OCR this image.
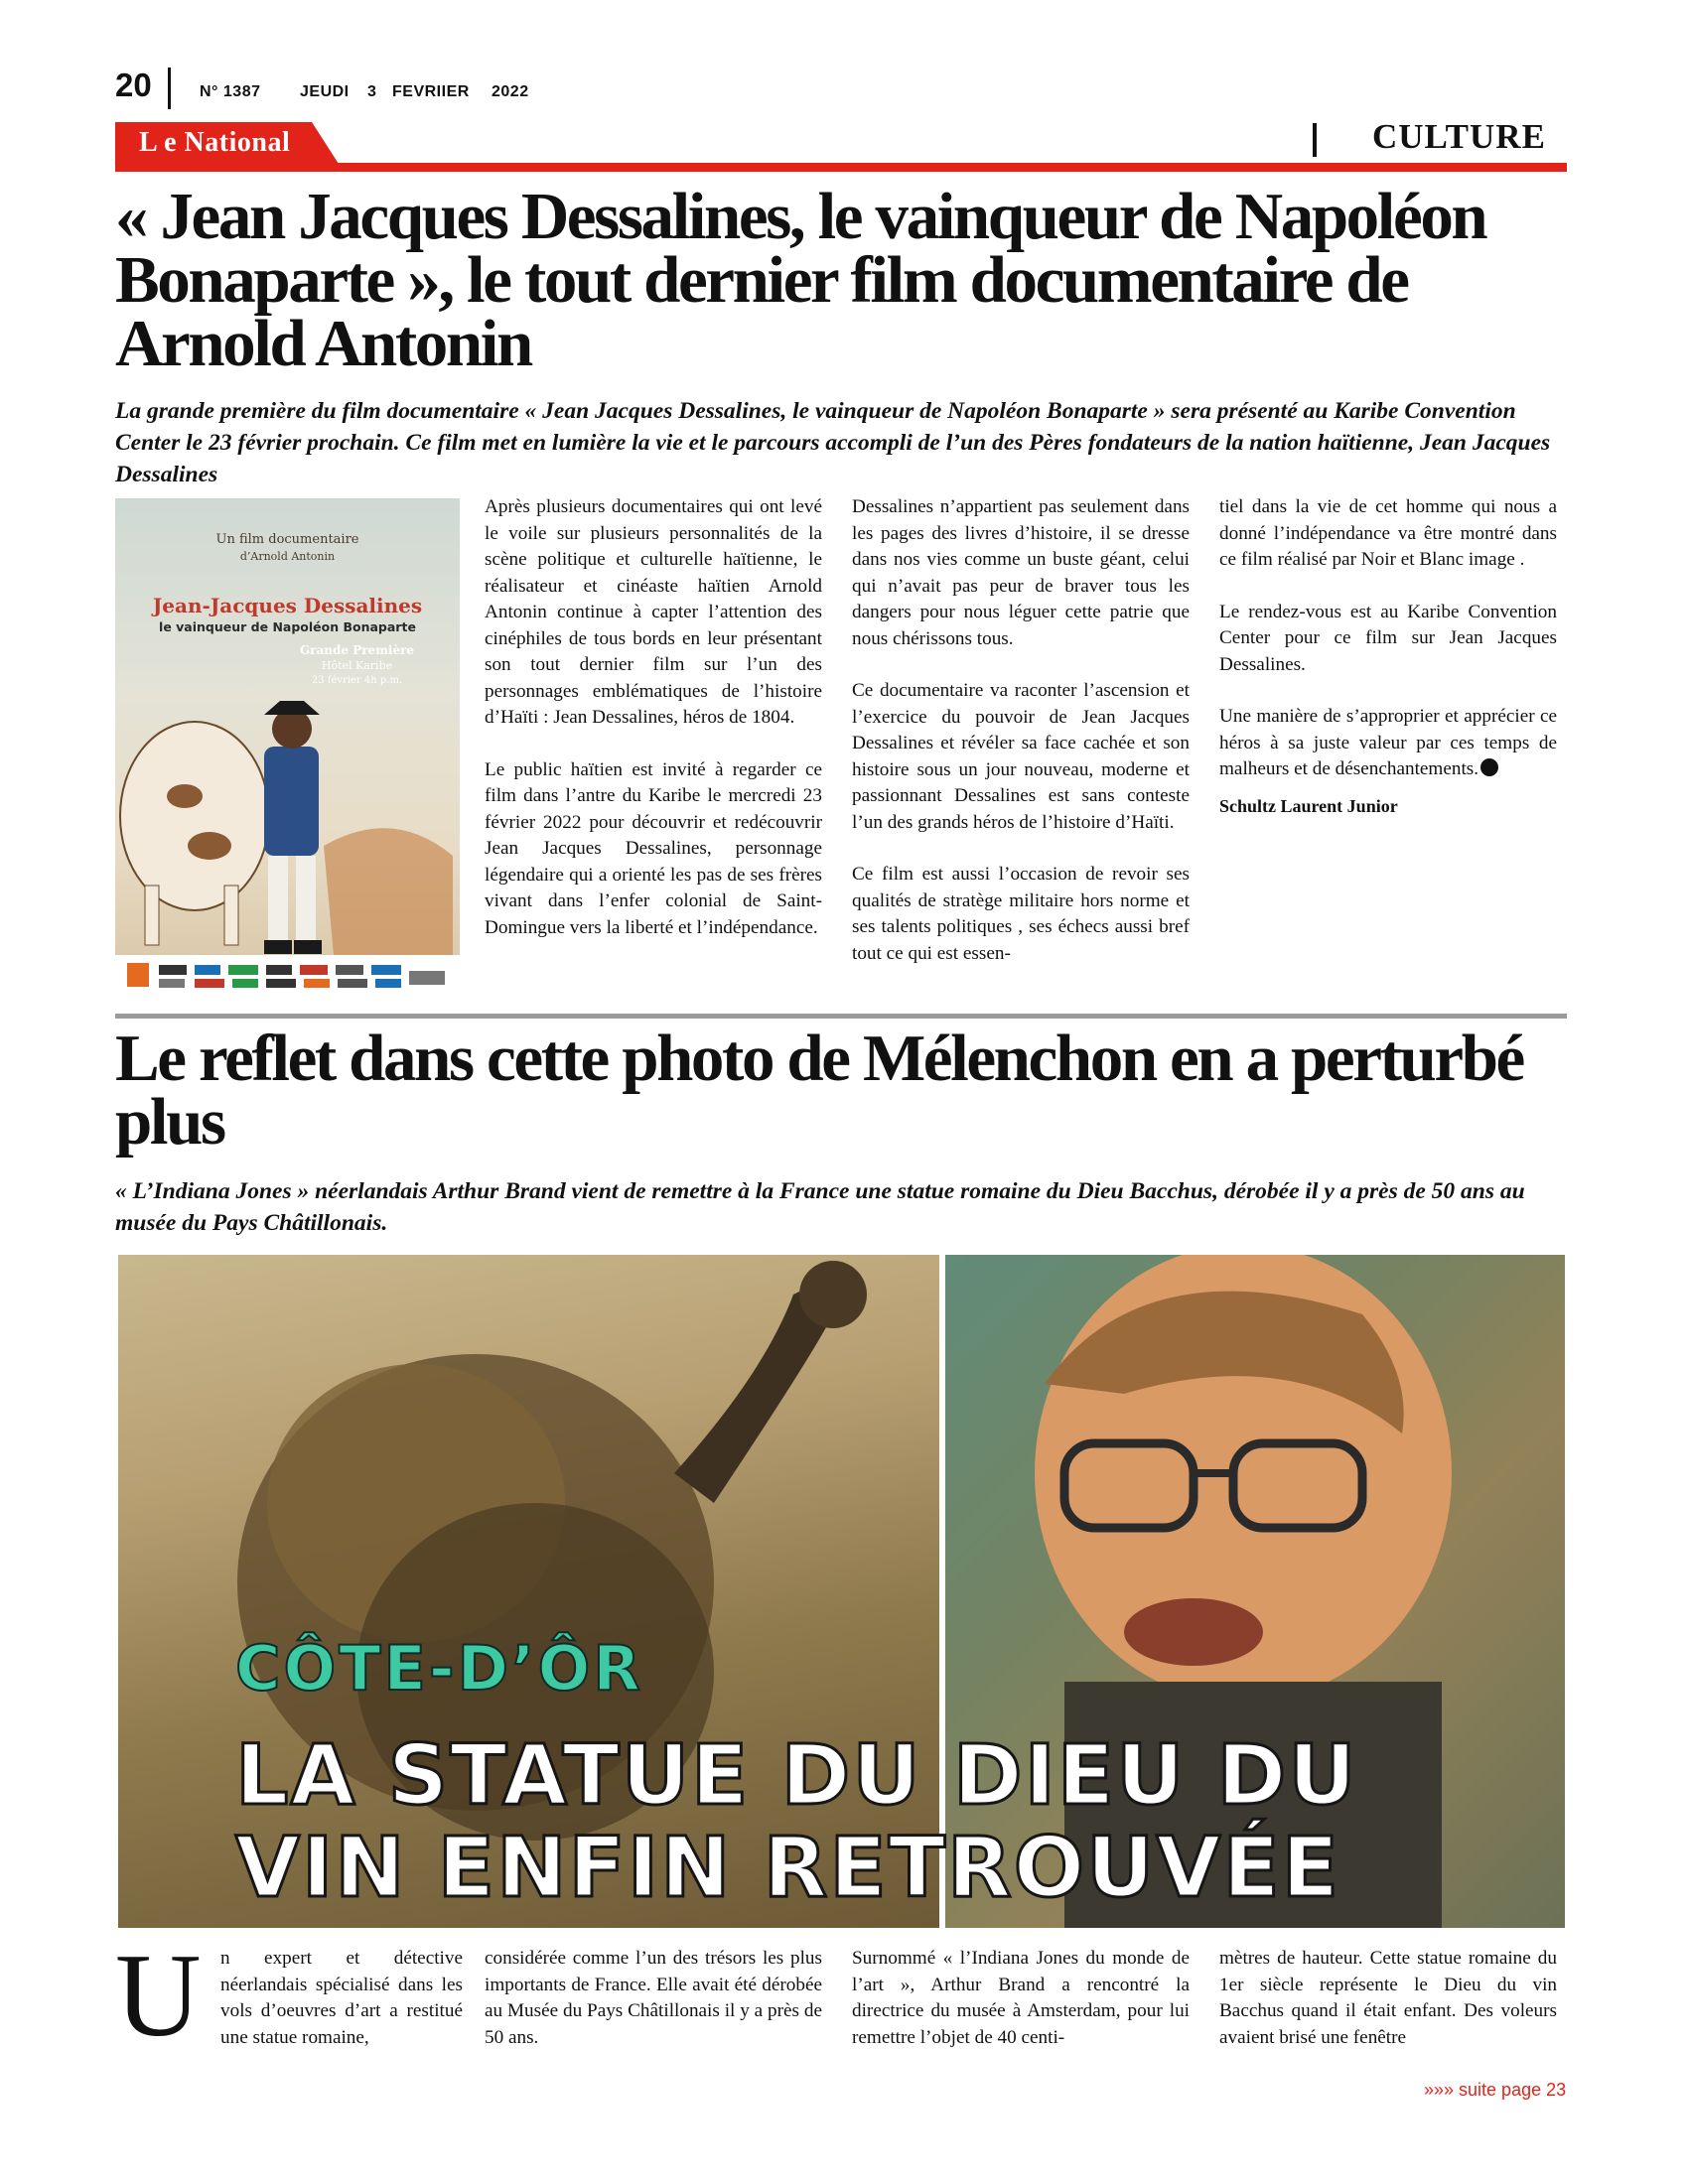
20	N° 1387 JEUDI 3 FEVRIIER 2022
L e National	CULTURE
« Jean Jacques Dessalines, le vainqueur de Napoléon Bonaparte », le tout dernier film documentaire de Arnold Antonin

La grande première du film documentaire « Jean Jacques Dessalines, le vainqueur de Napoléon Bonaparte » sera présenté au Karibe Convention Center le 23 février prochain. Ce film met en lumière la vie et le parcours accompli de l’un des Pères fondateurs de la nation haïtienne, Jean Jacques Dessalines

Un film documentaire
d’Arnold Antonin
Jean-Jacques Dessalines
le vainqueur de Napoléon Bonaparte
Grande Première
Hôtel Karibe
23 février 4h p.m.

Après plusieurs documentaires qui ont levé le voile sur plusieurs personnalités de la scène politique et culturelle haïtienne, le réalisateur et cinéaste haïtien Arnold Antonin continue à capter l’attention des cinéphiles de tous bords en leur présentant son tout dernier film sur l’un des personnages emblématiques de l’histoire d’Haïti : Jean Dessalines, héros de 1804.

Le public haïtien est invité à regarder ce film dans l’antre du Karibe le mercredi 23 février 2022 pour découvrir et redécouvrir Jean Jacques Dessalines, personnage légendaire qui a orienté les pas de ses frères vivant dans l’enfer colonial de Saint-Domingue vers la liberté et l’indépendance.

Dessalines n’appartient pas seulement dans les pages des livres d’histoire, il se dresse dans nos vies comme un buste géant, celui qui n’avait pas peur de braver tous les dangers pour nous léguer cette patrie que nous chérissons tous.

Ce documentaire va raconter l’ascension et l’exercice du pouvoir de Jean Jacques Dessalines et révéler sa face cachée et son histoire sous un jour nouveau, moderne et passionnant Dessalines est sans conteste l’un des grands héros de l’histoire d’Haïti.

Ce film est aussi l’occasion de revoir ses qualités de stratège militaire hors norme et ses talents politiques , ses échecs aussi bref tout ce qui est essen-

tiel dans la vie de cet homme qui nous a donné l’indépendance va être montré dans ce film réalisé par Noir et Blanc image .

Le rendez-vous est au Karibe Convention Center pour ce film sur Jean Jacques Dessalines.

Une manière de s’approprier et apprécier ce héros à sa juste valeur par ces temps de malheurs et de désenchantements.

Schultz Laurent Junior
Le reflet dans cette photo de Mélenchon en a perturbé plus

« L’Indiana Jones » néerlandais Arthur Brand vient de remettre à la France une statue romaine du Dieu Bacchus, dérobée il y a près de 50 ans au musée du Pays Châtillonais.

CÔTE-D’ÔR
LA STATUE DU DIEU DU
VIN ENFIN RETROUVÉE
U n expert et détective néerlandais spécialisé dans les vols d’oeuvres d’art a restitué une statue romaine,
considérée comme l’un des trésors les plus importants de France. Elle avait été dérobée au Musée du Pays Châtillonais il y a près de 50 ans.
Surnommé « l’Indiana Jones du monde de l’art », Arthur Brand a rencontré la directrice du musée à Amsterdam, pour lui remettre l’objet de 40 centi-
mètres de hauteur. Cette statue romaine du 1er siècle représente le Dieu du vin Bacchus quand il était enfant. Des voleurs avaient brisé une fenêtre
»»» suite page 23
